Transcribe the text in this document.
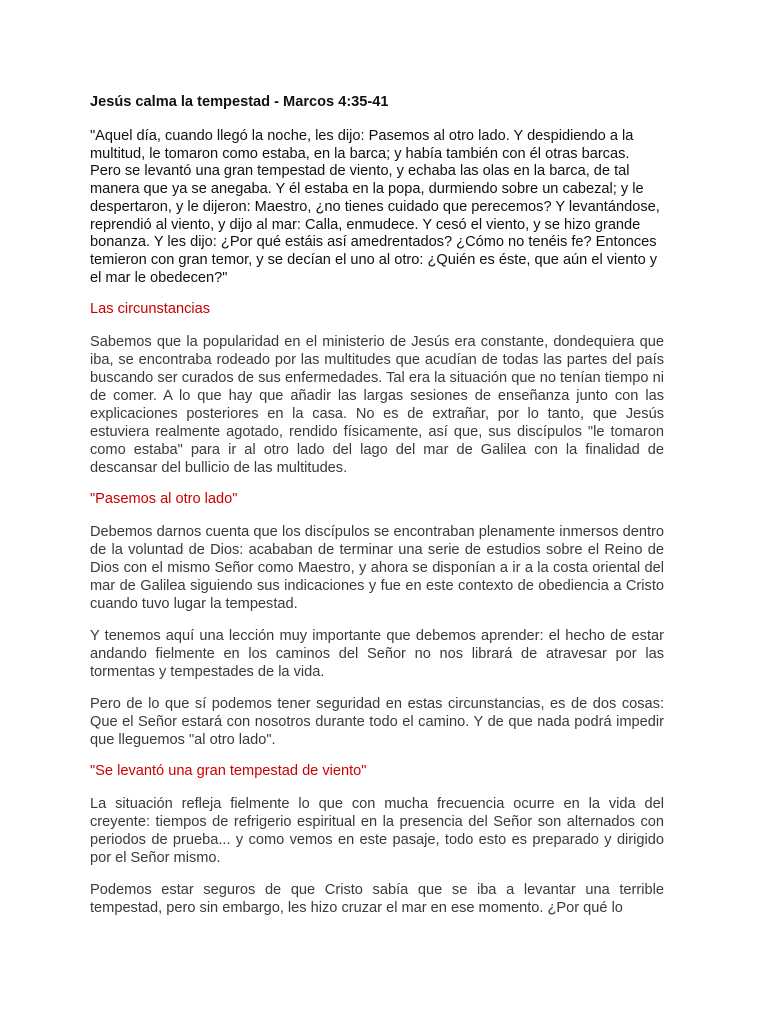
Jesús calma la tempestad - Marcos 4:35-41
"Aquel día, cuando llegó la noche, les dijo: Pasemos al otro lado. Y despidiendo a la multitud, le tomaron como estaba, en la barca; y había también con él otras barcas. Pero se levantó una gran tempestad de viento, y echaba las olas en la barca, de tal manera que ya se anegaba. Y él estaba en la popa, durmiendo sobre un cabezal; y le despertaron, y le dijeron: Maestro, ¿no tienes cuidado que perecemos? Y levantándose, reprendió al viento, y dijo al mar: Calla, enmudece. Y cesó el viento, y se hizo grande bonanza. Y les dijo: ¿Por qué estáis así amedrentados? ¿Cómo no tenéis fe? Entonces temieron con gran temor, y se decían el uno al otro: ¿Quién es éste, que aún el viento y el mar le obedecen?"
Las circunstancias
Sabemos que la popularidad en el ministerio de Jesús era constante, dondequiera que iba, se encontraba rodeado por las multitudes que acudían de todas las partes del país buscando ser curados de sus enfermedades. Tal era la situación que no tenían tiempo ni de comer. A lo que hay que añadir las largas sesiones de enseñanza junto con las explicaciones posteriores en la casa. No es de extrañar, por lo tanto, que Jesús estuviera realmente agotado, rendido físicamente, así que, sus discípulos "le tomaron como estaba" para ir al otro lado del lago del mar de Galilea con la finalidad de descansar del bullicio de las multitudes.
"Pasemos al otro lado"
Debemos darnos cuenta que los discípulos se encontraban plenamente inmersos dentro de la voluntad de Dios: acababan de terminar una serie de estudios sobre el Reino de Dios con el mismo Señor como Maestro, y ahora se disponían a ir a la costa oriental del mar de Galilea siguiendo sus indicaciones y fue en este contexto de obediencia a Cristo cuando tuvo lugar la tempestad.
Y tenemos aquí una lección muy importante que debemos aprender: el hecho de estar andando fielmente en los caminos del Señor no nos librará de atravesar por las tormentas y tempestades de la vida.
Pero de lo que sí podemos tener seguridad en estas circunstancias, es de dos cosas: Que el Señor estará con nosotros durante todo el camino. Y de que nada podrá impedir que lleguemos "al otro lado".
"Se levantó una gran tempestad de viento"
La situación refleja fielmente lo que con mucha frecuencia ocurre en la vida del creyente: tiempos de refrigerio espiritual en la presencia del Señor son alternados con periodos de prueba... y como vemos en este pasaje, todo esto es preparado y dirigido por el Señor mismo.
Podemos estar seguros de que Cristo sabía que se iba a levantar una terrible tempestad, pero sin embargo, les hizo cruzar el mar en ese momento. ¿Por qué lo
